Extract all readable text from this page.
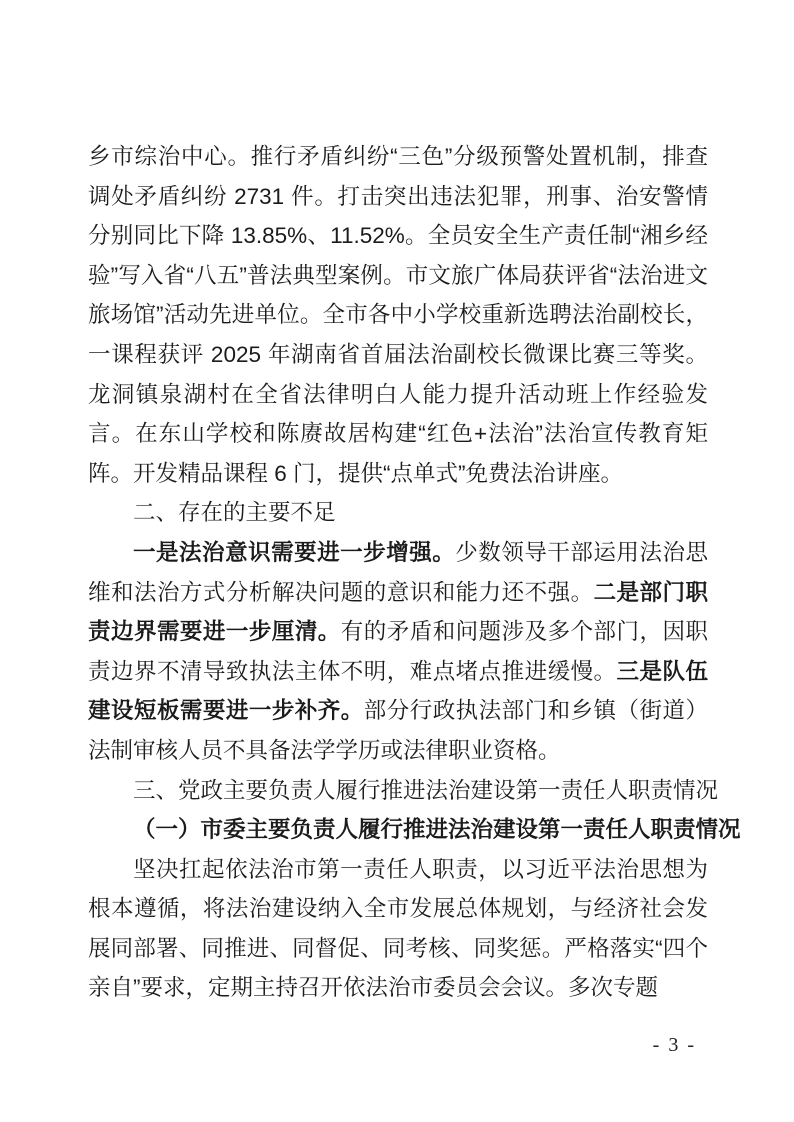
乡市综治中心。推行矛盾纠纷“三色”分级预警处置机制，排查调处矛盾纠纷 2731 件。打击突出违法犯罪，刑事、治安警情分别同比下降 13.85%、11.52%。全员安全生产责任制“湘乡经验”写入省“八五”普法典型案例。市文旅广体局获评省“法治进文旅场馆”活动先进单位。全市各中小学校重新选聘法治副校长，一课程获评 2025 年湖南省首届法治副校长微课比赛三等奖。龙洞镇泉湖村在全省法律明白人能力提升活动班上作经验发言。在东山学校和陈赓故居构建“红色+法治”法治宣传教育矩阵。开发精品课程 6 门，提供“点单式”免费法治讲座。

二、存在的主要不足

一是法治意识需要进一步增强。少数领导干部运用法治思维和法治方式分析解决问题的意识和能力还不强。二是部门职责边界需要进一步厘清。有的矛盾和问题涉及多个部门，因职责边界不清导致执法主体不明，难点堵点推进缓慢。三是队伍建设短板需要进一步补齐。部分行政执法部门和乡镇（街道）法制审核人员不具备法学学历或法律职业资格。

三、党政主要负责人履行推进法治建设第一责任人职责情况

（一）市委主要负责人履行推进法治建设第一责任人职责情况

坚决扛起依法治市第一责任人职责，以习近平法治思想为根本遵循，将法治建设纳入全市发展总体规划，与经济社会发展同部署、同推进、同督促、同考核、同奖惩。严格落实“四个亲自”要求，定期主持召开依法治市委员会会议。多次专题

- 3 -
